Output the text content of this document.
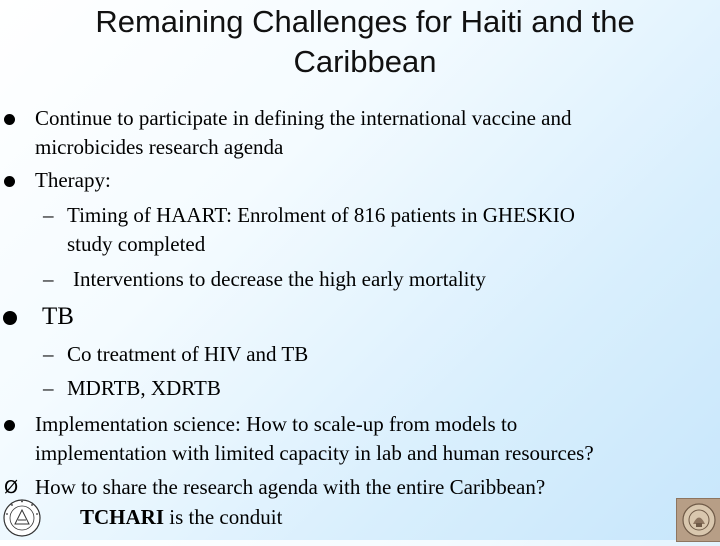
Remaining Challenges for Haiti and the
Caribbean
Continue to participate in defining the international vaccine and
microbicides research agenda
Therapy:
– Timing of HAART: Enrolment of 816 patients in GHESKIO
study completed
– Interventions to decrease the high early mortality
TB
– Co treatment of HIV and TB
– MDRTB, XDRTB
Implementation science: How to scale-up from models to
implementation with limited capacity in lab and human resources?
Ø How to share the research agenda with the entire Caribbean?
TCHARI is the conduit
